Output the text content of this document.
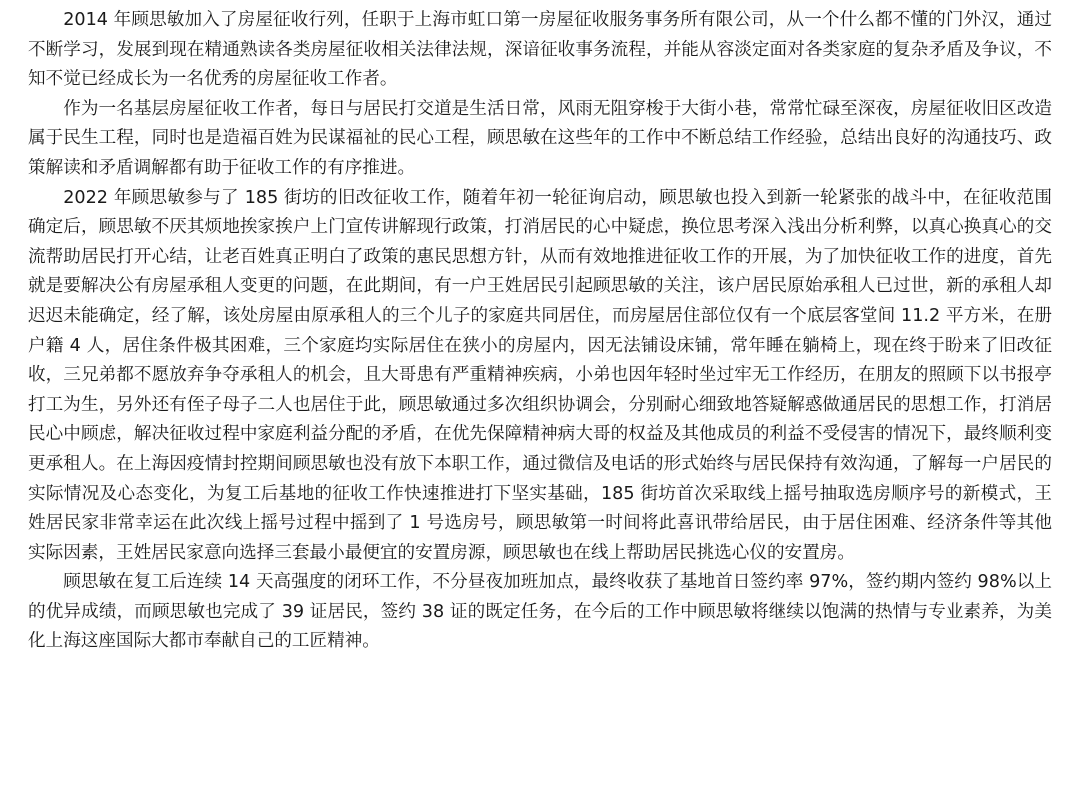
2014 年顾思敏加入了房屋征收行列，任职于上海市虹口第一房屋征收服务事务所有限公司，从一个什么都不懂的门外汉，通过不断学习，发展到现在精通熟读各类房屋征收相关法律法规，深谙征收事务流程，并能从容淡定面对各类家庭的复杂矛盾及争议，不知不觉已经成长为一名优秀的房屋征收工作者。

作为一名基层房屋征收工作者，每日与居民打交道是生活日常，风雨无阻穿梭于大街小巷，常常忙碌至深夜，房屋征收旧区改造属于民生工程，同时也是造福百姓为民谋福祉的民心工程，顾思敏在这些年的工作中不断总结工作经验，总结出良好的沟通技巧、政策解读和矛盾调解都有助于征收工作的有序推进。

2022 年顾思敏参与了 185 街坊的旧改征收工作，随着年初一轮征询启动，顾思敏也投入到新一轮紧张的战斗中，在征收范围确定后，顾思敏不厌其烦地挨家挨户上门宣传讲解现行政策，打消居民的心中疑虑，换位思考深入浅出分析利弊，以真心换真心的交流帮助居民打开心结，让老百姓真正明白了政策的惠民思想方针，从而有效地推进征收工作的开展，为了加快征收工作的进度，首先就是要解决公有房屋承租人变更的问题，在此期间，有一户王姓居民引起顾思敏的关注，该户居民原始承租人已过世，新的承租人却迟迟未能确定，经了解，该处房屋由原承租人的三个儿子的家庭共同居住，而房屋居住部位仅有一个底层客堂间 11.2 平方米，在册户籍 4 人，居住条件极其困难，三个家庭均实际居住在狭小的房屋内，因无法铺设床铺，常年睡在躺椅上，现在终于盼来了旧改征收，三兄弟都不愿放弃争夺承租人的机会，且大哥患有严重精神疾病，小弟也因年轻时坐过牢无工作经历，在朋友的照顾下以书报亭打工为生，另外还有侄子母子二人也居住于此，顾思敏通过多次组织协调会，分别耐心细致地答疑解惑做通居民的思想工作，打消居民心中顾虑，解决征收过程中家庭利益分配的矛盾，在优先保障精神病大哥的权益及其他成员的利益不受侵害的情况下，最终顺利变更承租人。在上海因疫情封控期间顾思敏也没有放下本职工作，通过微信及电话的形式始终与居民保持有效沟通，了解每一户居民的实际情况及心态变化，为复工后基地的征收工作快速推进打下坚实基础，185 街坊首次采取线上摇号抽取选房顺序号的新模式，王姓居民家非常幸运在此次线上摇号过程中摇到了 1 号选房号，顾思敏第一时间将此喜讯带给居民，由于居住困难、经济条件等其他实际因素，王姓居民家意向选择三套最小最便宜的安置房源，顾思敏也在线上帮助居民挑选心仪的安置房。

顾思敏在复工后连续 14 天高强度的闭环工作，不分昼夜加班加点，最终收获了基地首日签约率 97%，签约期内签约 98%以上的优异成绩，而顾思敏也完成了 39 证居民，签约 38 证的既定任务，在今后的工作中顾思敏将继续以饱满的热情与专业素养，为美化上海这座国际大都市奉献自己的工匠精神。
